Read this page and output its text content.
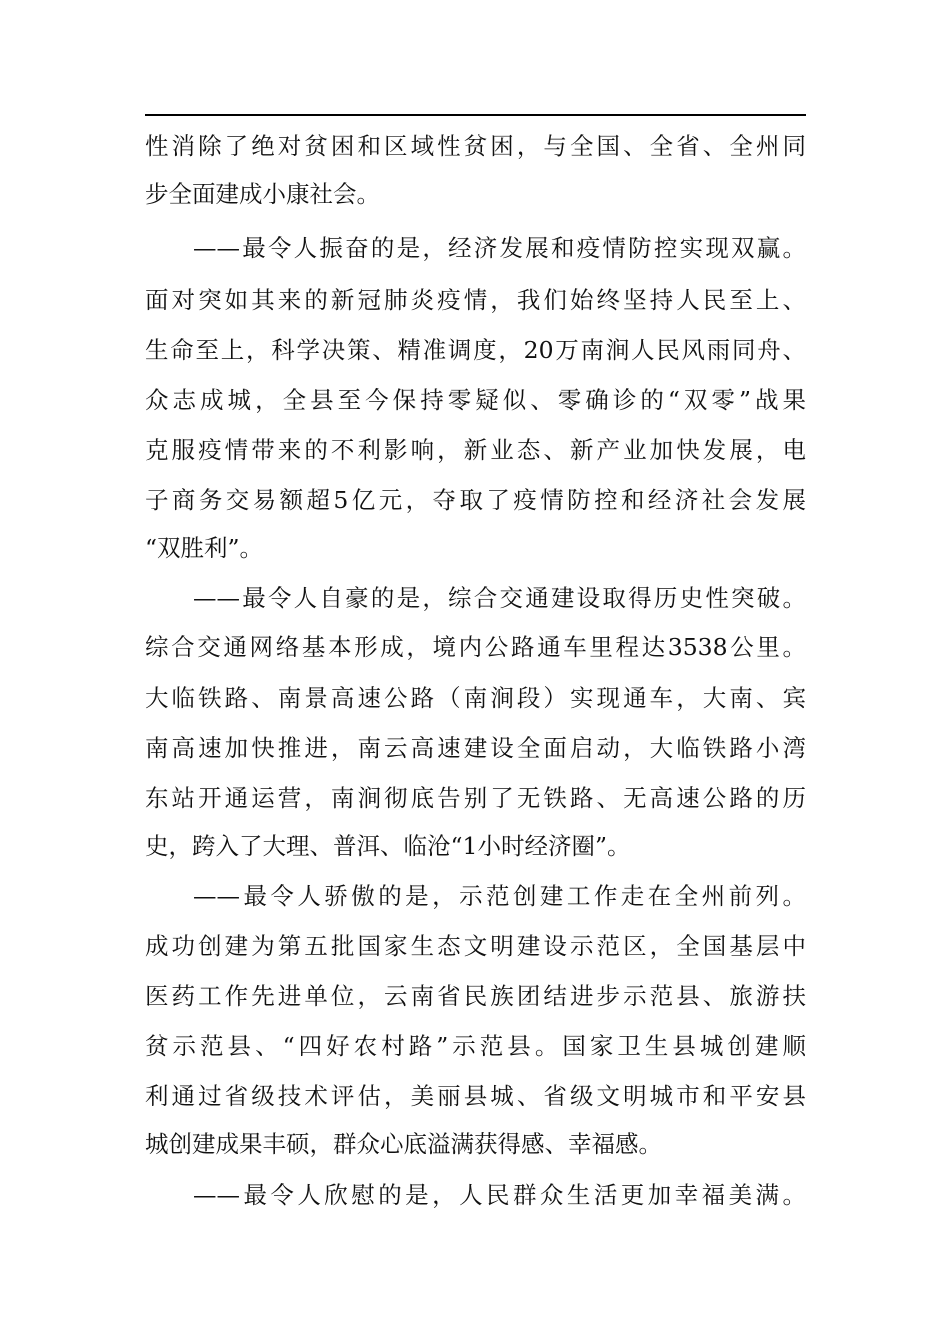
性消除了绝对贫困和区域性贫困，与全国、全省、全州同
步全面建成小康社会。
——最令人振奋的是，经济发展和疫情防控实现双赢。
面对突如其来的新冠肺炎疫情，我们始终坚持人民至上、
生命至上，科学决策、精准调度，20万南涧人民风雨同舟、
众志成城，全县至今保持零疑似、零确诊的“双零”战果
克服疫情带来的不利影响，新业态、新产业加快发展，电
子商务交易额超5亿元，夺取了疫情防控和经济社会发展
“双胜利”。
——最令人自豪的是，综合交通建设取得历史性突破。
综合交通网络基本形成，境内公路通车里程达3538公里。
大临铁路、南景高速公路（南涧段）实现通车，大南、宾
南高速加快推进，南云高速建设全面启动，大临铁路小湾
东站开通运营，南涧彻底告别了无铁路、无高速公路的历
史，跨入了大理、普洱、临沧“1小时经济圈”。
——最令人骄傲的是，示范创建工作走在全州前列。
成功创建为第五批国家生态文明建设示范区，全国基层中
医药工作先进单位，云南省民族团结进步示范县、旅游扶
贫示范县、“四好农村路”示范县。国家卫生县城创建顺
利通过省级技术评估，美丽县城、省级文明城市和平安县
城创建成果丰硕，群众心底溢满获得感、幸福感。
——最令人欣慰的是，人民群众生活更加幸福美满。
